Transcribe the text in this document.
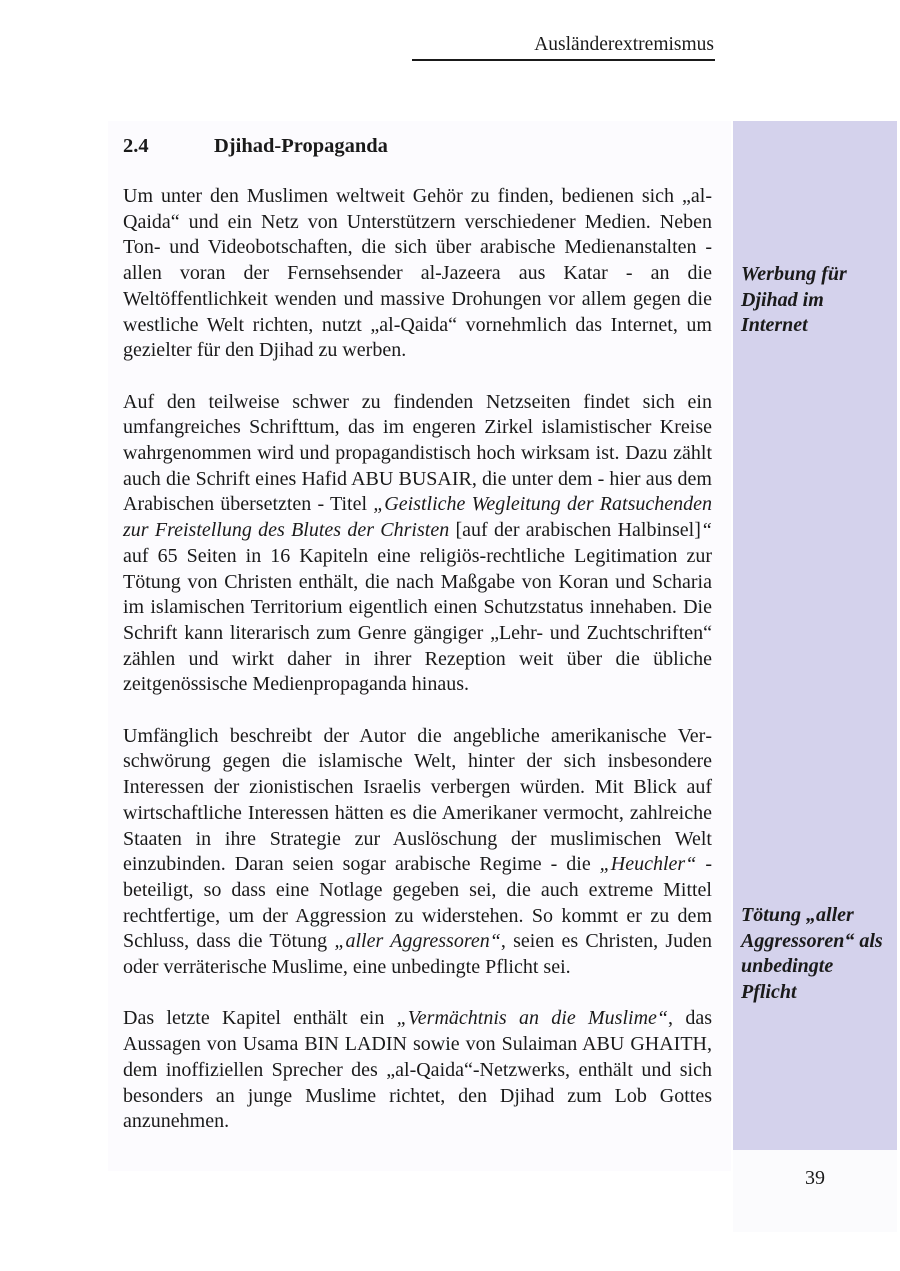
Ausländerextremismus
2.4	Djihad-Propaganda

Um unter den Muslimen weltweit Gehör zu finden, bedienen sich „al-Qaida“ und ein Netz von Unterstützern verschiedener Medien. Neben Ton- und Videobotschaften, die sich über arabische Medienanstalten - allen voran der Fernsehsender al-Jazeera aus Katar - an die Weltöffentlichkeit wenden und massive Drohungen vor allem gegen die westliche Welt richten, nutzt „al-Qaida“ vornehmlich das Internet, um gezielter für den Djihad zu werben.

Auf den teilweise schwer zu findenden Netzseiten findet sich ein umfangreiches Schrifttum, das im engeren Zirkel islamistischer Kreise wahrgenommen wird und propagandistisch hoch wirksam ist. Dazu zählt auch die Schrift eines Hafid ABU BUSAIR, die unter dem - hier aus dem Arabischen übersetzten - Titel „Geistliche Wegleitung der Ratsuchenden zur Freistellung des Blutes der Christen [auf der arabischen Halbinsel]“ auf 65 Seiten in 16 Kapiteln eine religiös-rechtliche Legitimation zur Tötung von Christen enthält, die nach Maßgabe von Koran und Scharia im islamischen Territorium eigentlich einen Schutzstatus innehaben. Die Schrift kann literarisch zum Genre gängiger „Lehr- und Zuchtschriften“ zählen und wirkt daher in ihrer Rezeption weit über die übliche zeitgenössische Medienpropaganda hinaus.

Umfänglich beschreibt der Autor die angebliche amerikanische Verschwörung gegen die islamische Welt, hinter der sich insbesondere Interessen der zionistischen Israelis verbergen würden. Mit Blick auf wirtschaftliche Interessen hätten es die Amerikaner vermocht, zahlreiche Staaten in ihre Strategie zur Auslöschung der muslimischen Welt einzubinden. Daran seien sogar arabische Regime - die „Heuchler“ - beteiligt, so dass eine Notlage gegeben sei, die auch extreme Mittel rechtfertige, um der Aggression zu widerstehen. So kommt er zu dem Schluss, dass die Tötung „aller Aggressoren“, seien es Christen, Juden oder verräterische Muslime, eine unbedingte Pflicht sei.

Das letzte Kapitel enthält ein „Vermächtnis an die Muslime“, das Aussagen von Usama BIN LADIN sowie von Sulaiman ABU GHAITH, dem inoffiziellen Sprecher des „al-Qaida“-Netzwerks, enthält und sich besonders an junge Muslime richtet, den Djihad zum Lob Gottes anzunehmen.

Werbung für Djihad im Internet

Tötung „aller Aggressoren“ als unbedingte Pflicht

39
